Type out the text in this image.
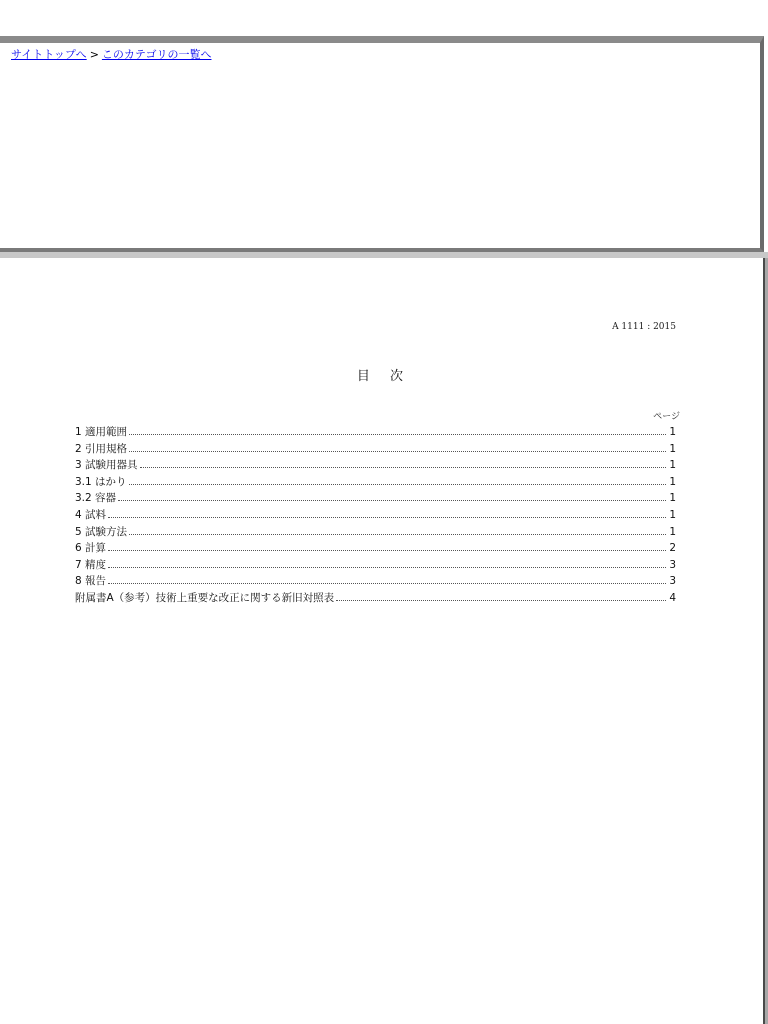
サイトトップへ > このカテゴリの一覧へ
A 1111 : 2015
目 次
ページ
1 適用範囲	1
2 引用規格	1
3 試験用器具	1
3.1 はかり	1
3.2 容器	1
4 試料	1
5 試験方法	1
6 計算	2
7 精度	3
8 報告	3
附属書A（参考）技術上重要な改正に関する新旧対照表	4
